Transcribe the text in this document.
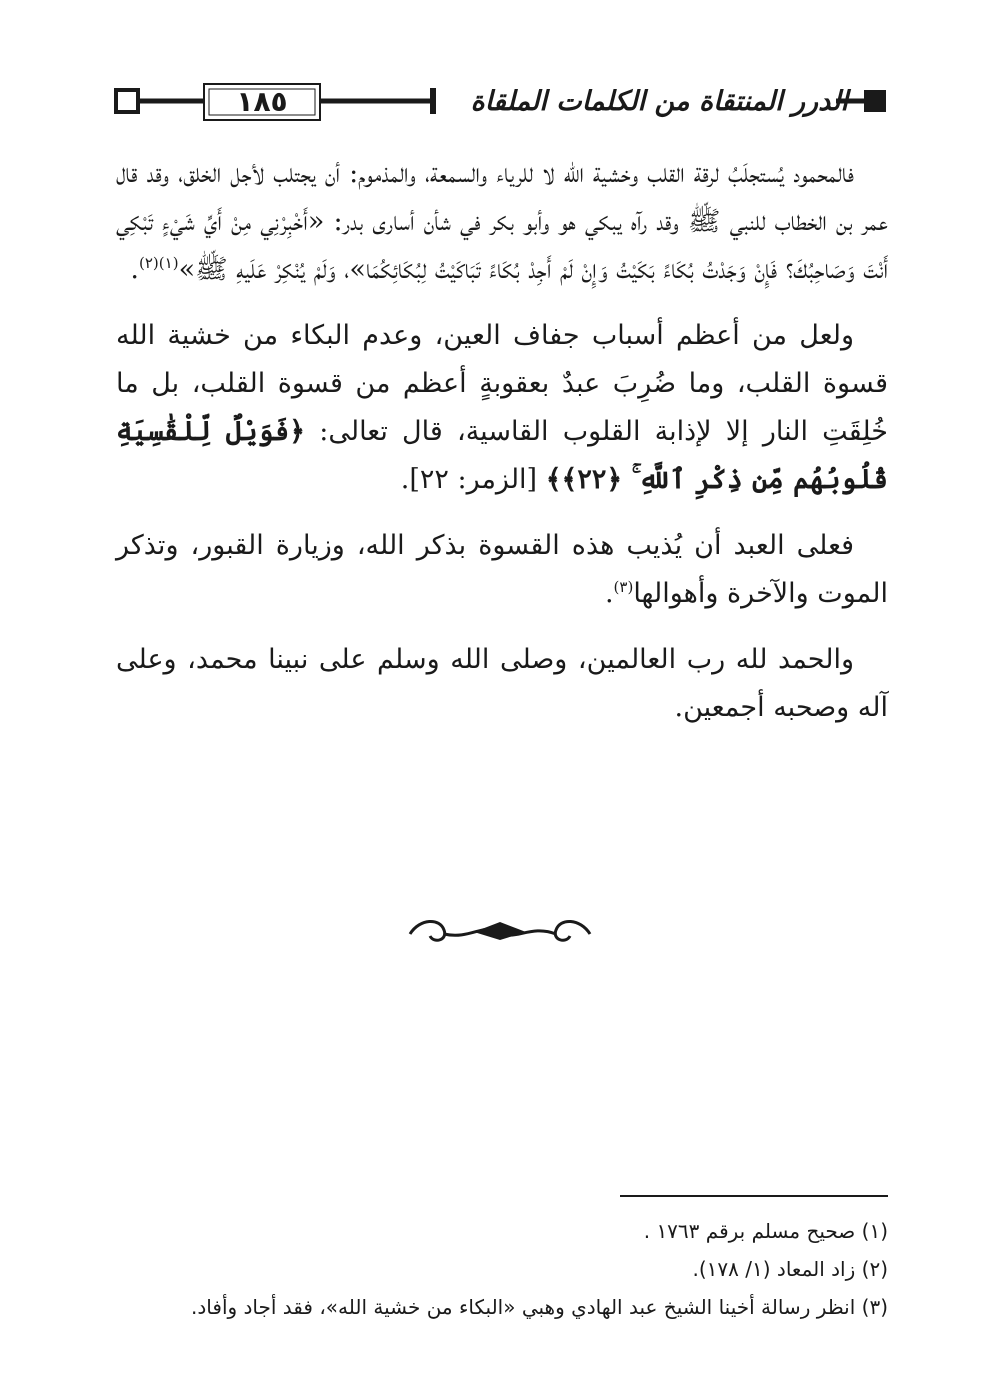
١٨٥	الدرر المنتقاة من الكلمات الملقاة

فالمحمود يُستجلَبُ لرقة القلب وخشية الله لا للرياء والسمعة، والمذموم: أن يجتلب لأجل الخلق، وقد قال عمر بن الخطاب للنبي ﷺ وقد رآه يبكي هو وأبو بكر في شأن أسارى بدر: «أَخْبِرْنِي مِنْ أَيِّ شَيْءٍ تَبْكِي أَنْتَ وَصَاحِبُكَ؟ فَإِنْ وَجَدْتُ بُكَاءً بَكَيْتُ وَإِنْ لَمْ أَجِدْ بُكَاءً تَبَاكَيْتُ لِبُكَائِكُمَا»، وَلَمْ يُنْكِرْ عَلَيهِ ﷺ»$^{(١)(٢)}$.

ولعل من أعظم أسباب جفاف العين، وعدم البكاء من خشية الله قسوة القلب، وما ضُرِبَ عبدٌ بعقوبةٍ أعظم من قسوة القلب، بل ما خُلِقَتِ النار إلا لإذابة القلوب القاسية، قال تعالى: ﴿فَوَيْلٌ لِّلْقَٰسِيَةِ قُلُوبُهُم مِّن ذِكْرِ ٱللَّهِ ۚ ﴿٢٢﴾﴾ [الزمر: ٢٢].

فعلى العبد أن يُذيب هذه القسوة بذكر الله، وزيارة القبور، وتذكر الموت والآخرة وأهوالها$^{(٣)}$.

والحمد لله رب العالمين، وصلى الله وسلم على نبينا محمد، وعلى آله وصحبه أجمعين.

(١) صحيح مسلم برقم ١٧٦٣ .
(٢) زاد المعاد (١/ ١٧٨).
(٣) انظر رسالة أخينا الشيخ عبد الهادي وهبي «البكاء من خشية الله»، فقد أجاد وأفاد.
